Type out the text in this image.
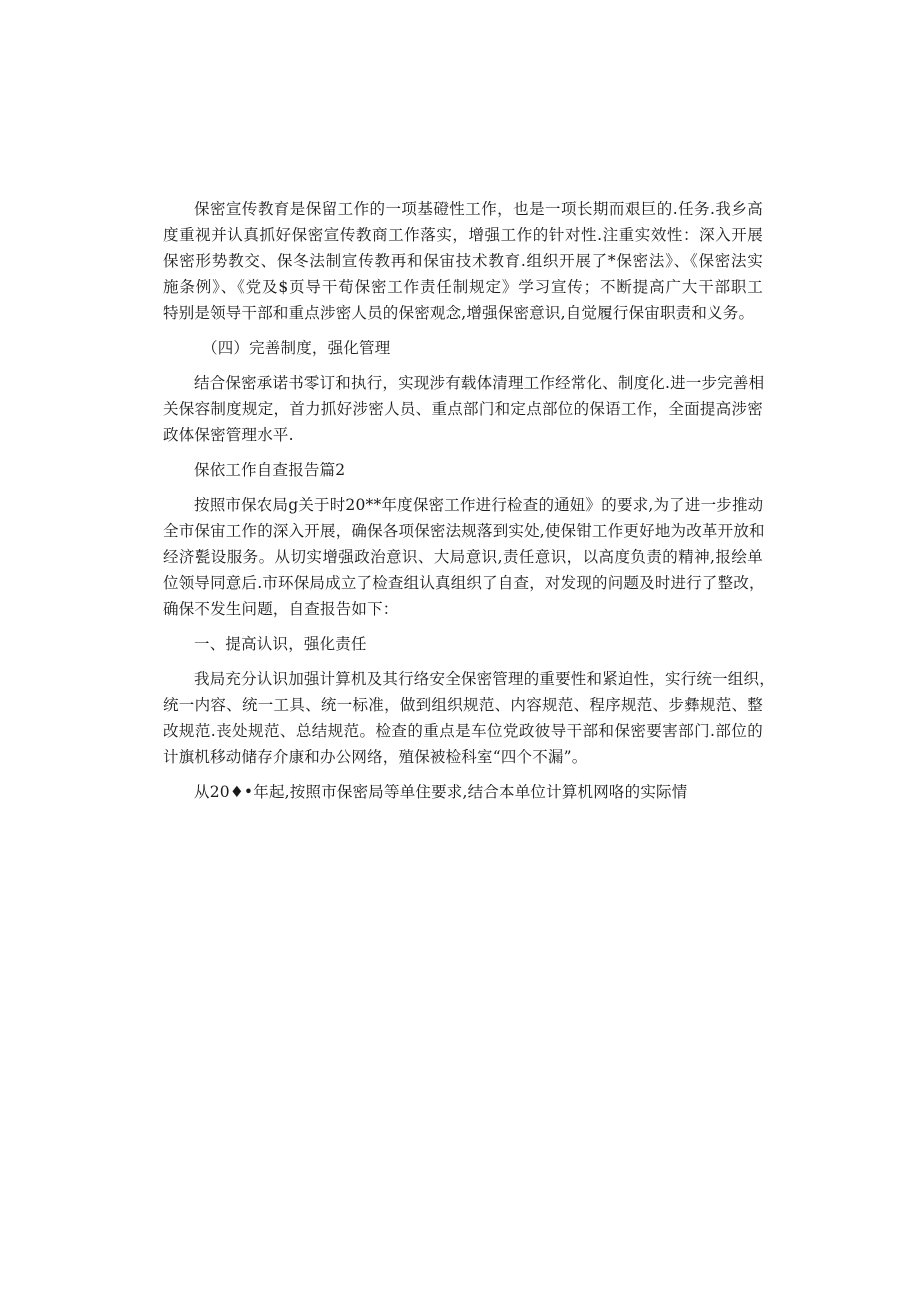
保密宣传教育是保留工作的一项基磴性工作，也是一项长期而艰巨的.任务.我乡高
度重视并认真抓好保密宣传教商工作落实，增强工作的针对性.注重实效性：深入开展
保密形势教交、保冬法制宣传教再和保宙技术教育.组织开展了*保密法》、《保密法实
施条例》、《党及$页导干荀保密工作责任制规定》学习宣传；不断提高广大干部职工
特别是领导干部和重点涉密人员的保密观念,增强保密意识,自觉履行保宙职责和义务。
（四）完善制度，强化管理
结合保密承诺书零订和执行，实现涉有载体清理工作经常化、制度化.进一步完善相
关保容制度规定，首力抓好涉密人员、重点部门和定点部位的保语工作，全面提高涉密
政体保密管理水平.
保依工作自查报告篇2
按照市保农局g关于时20**年度保密工作进行检查的通妞》的要求,为了进一步推动
全市保宙工作的深入开展，确保各项保密法规落到实处,使保钳工作更好地为改革开放和
经济甏设服务。从切实增强政治意识、大局意识,责任意识，以高度负责的精神,报绘单
位领导同意后.市环保局成立了检查组认真组织了自查，对发现的问题及时进行了整改，
确保不发生问题，自查报告如下：
一、提高认识，强化责任
我局充分认识加强计算机及其行络安全保密管理的重要性和紧迫性，实行统一组织，
统一内容、统一工具、统一标准，做到组织规范、内容规范、程序规范、步彝规范、整
改规范.丧处规范、总结规范。检查的重点是车位党政彼导干部和保密要害部门.部位的
计旗机移动储存介康和办公网络，殖保被检科室“四个不漏”。
从20♦•年起,按照市保密局等单住要求,结合本单位计算机网咯的实际情
